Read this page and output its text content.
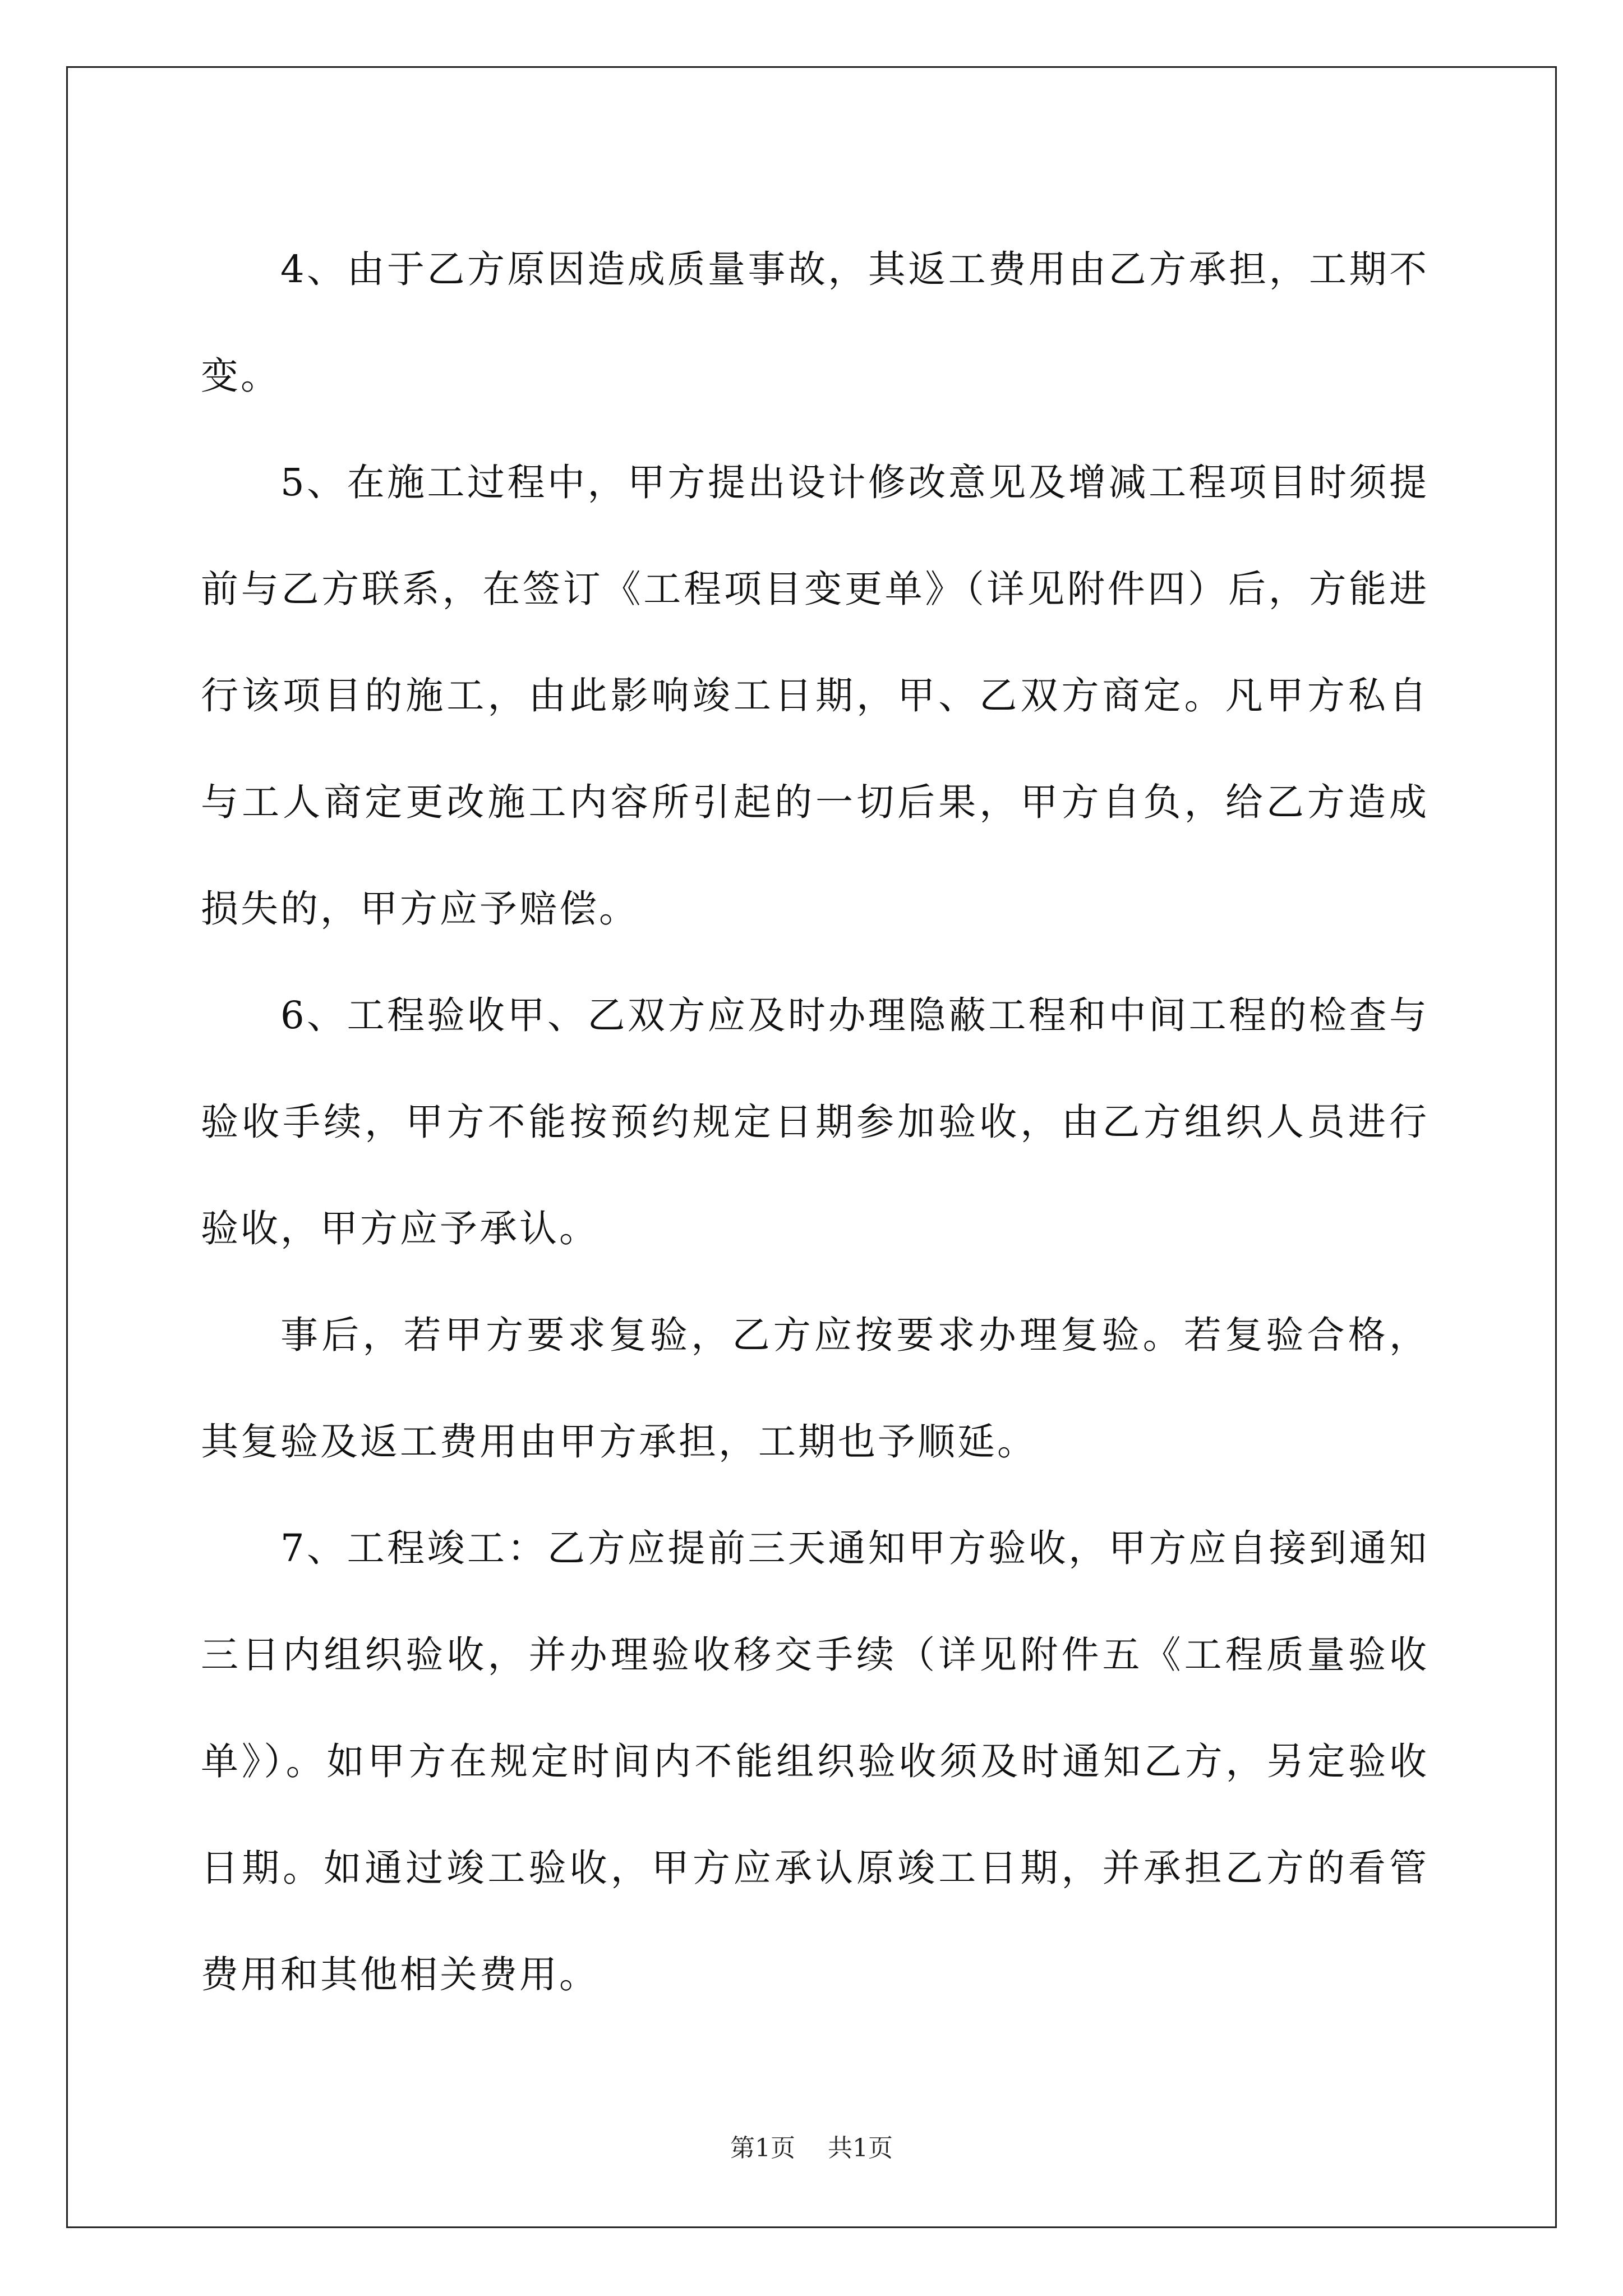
4、由于乙方原因造成质量事故，其返工费用由乙方承担，工期不变。

5、在施工过程中，甲方提出设计修改意见及增减工程项目时须提前与乙方联系，在签订《工程项目变更单》（详见附件四）后，方能进行该项目的施工，由此影响竣工日期，甲、乙双方商定。凡甲方私自与工人商定更改施工内容所引起的一切后果，甲方自负，给乙方造成损失的，甲方应予赔偿。

6、工程验收甲、乙双方应及时办理隐蔽工程和中间工程的检查与验收手续，甲方不能按预约规定日期参加验收，由乙方组织人员进行验收，甲方应予承认。

事后，若甲方要求复验，乙方应按要求办理复验。若复验合格，其复验及返工费用由甲方承担，工期也予顺延。

7、工程竣工：乙方应提前三天通知甲方验收，甲方应自接到通知三日内组织验收，并办理验收移交手续（详见附件五《工程质量验收单》）。如甲方在规定时间内不能组织验收须及时通知乙方，另定验收日期。如通过竣工验收，甲方应承认原竣工日期，并承担乙方的看管费用和其他相关费用。

第1页 共1页
